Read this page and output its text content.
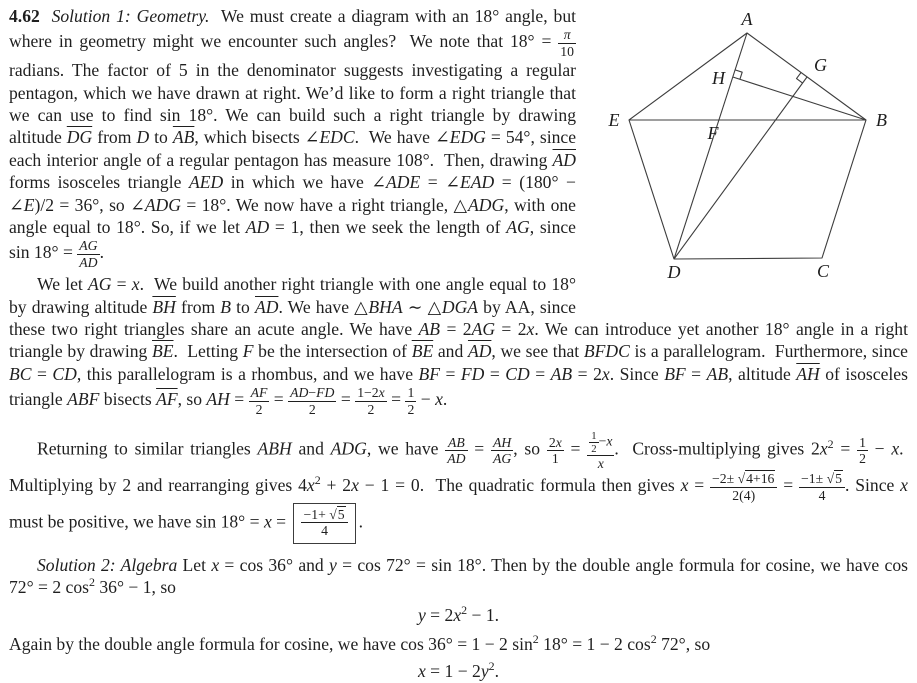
A
G
H
E	B
F
D	C

4.62 Solution 1: Geometry.  We must create a diagram with an 18° angle, but where in geometry might we encounter such angles?  We note that $18^\circ = \frac{\pi}{10}$
radians. The factor of 5 in the denominator suggests investigating a regular pentagon, which we have drawn at right. We’d like to form a right triangle that we can use to find sin 18°. We can build such a right triangle by drawing altitude $\overline{DG}$ from D to $\overline{AB}$, which bisects ∠EDC.  We have ∠EDG = 54°, since each interior angle of a regular pentagon has measure 108°.  Then, drawing $\overline{AD}$ forms isosceles triangle AED in which we have ∠ADE = ∠EAD = (180° − ∠E)/2 = 36°, so ∠ADG = 18°. We now have a right triangle, △ADG, with one angle equal to 18°. So, if we let AD = 1, then we seek the length of AG, since $\sin 18^\circ = \frac{AG}{AD}$ .

We let AG = x.  We build another right triangle with one angle equal to 18° by drawing altitude $\overline{BH}$ from B to $\overline{AD}$. We have △BHA ∼ △DGA by AA, since these two right triangles share an acute angle. We have AB = 2AG = 2x. We can introduce yet another 18° angle in a right triangle by drawing $\overline{BE}$.  Letting F be the intersection of $\overline{BE}$ and $\overline{AD}$, we see that BFDC is a parallelogram.  Furthermore, since BC = CD, this parallelogram is a rhombus, and we have BF = FD = CD = AB = 2x. Since BF = AB, altitude $\overline{AH}$ of isosceles triangle ABF bisects $\overline{AF}$, so AH = $\frac{AF}{2} = \frac{AD-FD}{2} = \frac{1-2x}{2} = \frac{1}{2} - x$.

Returning to similar triangles ABH and ADG, we have $\frac{AB}{AD} = \frac{AH}{AG}$ , so $\frac{2x}{1} = \frac{\frac{1}{2} -x}{x}$ .  Cross-multiplying gives $2x^2 = \frac{1}{2} - x$.  Multiplying by 2 and rearranging gives $4x^2 + 2x - 1 = 0$.  The quadratic formula then gives $x = \frac{-2\pm √4+16}{2(4)} = \frac{-1\pm √5}{4}$ . Since x must be positive, we have $\sin 18^\circ = x = \frac{-1+ √5}{4}$ .

Solution 2: Algebra Let x = cos 36° and y = cos 72° = sin 18°. Then by the double angle formula for cosine, we have cos 72° = 2 $\cos^2 36^\circ - 1$, so

$y = 2x^2 - 1$.

Again by the double angle formula for cosine, we have cos 36° = 1 − 2 $\sin^2 18^\circ = 1 - 2$ $\cos^2 72^\circ$, so

$x = 1 - 2y^2$.
